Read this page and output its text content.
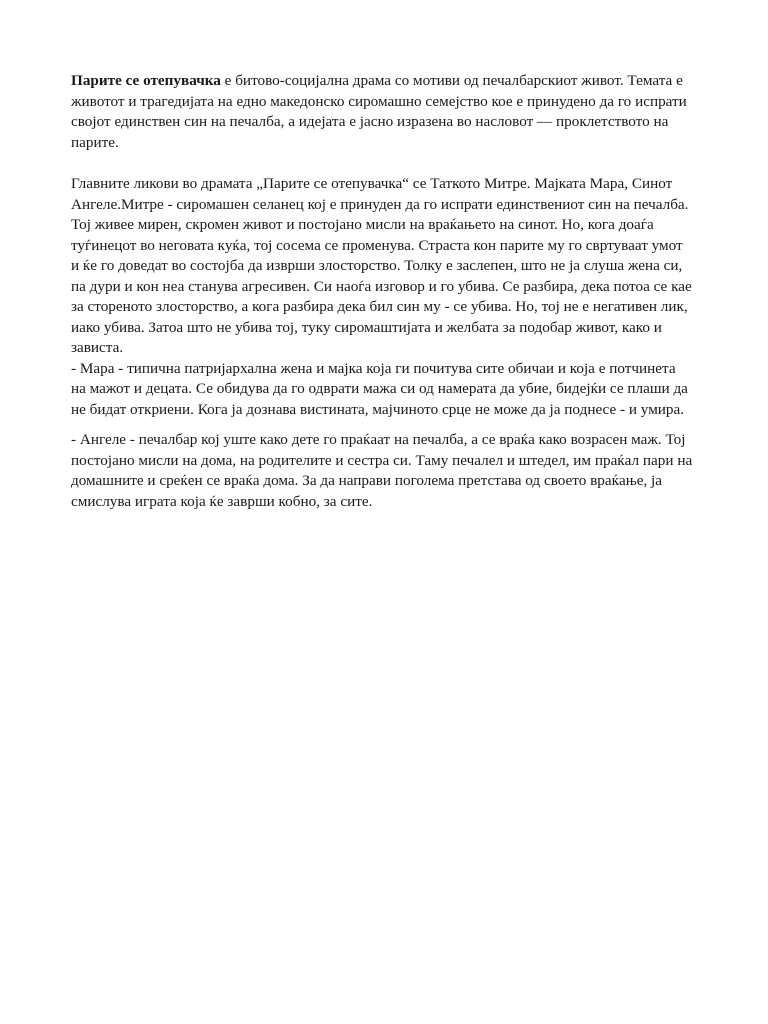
Парите се отепувачка е битово-социјална драма со мотиви од печалбарскиот живот. Темата е животот и трагедијата на едно македонско сиромашно семејство кое е принудено да го испрати својот единствен син на печалба, а идејата е јасно изразена во насловот — проклетството на парите.

Главните ликови во драмата „Парите се отепувачка“ се Таткото Митре. Мајката Мара, Синот Ангеле.Митре - сиромашен селанец кој е принуден да го испрати единствениот син на печалба. Тој живее мирен, скромен живот и постојано мисли на враќањето на синот. Но, кога доаѓа туѓинецот во неговата куќа, тој сосема се променува. Страста кон парите му го свртуваат умот и ќе го доведат во состојба да изврши злосторство. Толку е заслепен, што не ја слуша жена си, па дури и кон неа станува агресивен. Си наоѓа изговор и го убива. Се разбира, дека потоа се кае за стореното злосторство, а кога разбира дека бил син му - се убива. Но, тој не е негативен лик, иако убива. Затоа што не убива тој, туку сиромаштијата и желбата за подобар живот, како и зависта.

- Мара - типична патријархална жена и мајка која ги почитува сите обичаи и која е потчинета на мажот и децата. Се обидува да го одврати мажа си од намерата да убие, бидејќи се плаши да не бидат откриени. Кога ја дознава вистината, мајчиното срце не може да ја поднесе - и умира.

- Ангеле - печалбар кој уште како дете го праќаат на печалба, а се враќа како возрасен маж. Тој постојано мисли на дома, на родителите и сестра си. Таму печалел и штедел, им праќал пари на домашните и среќен се враќа дома. За да направи поголема претстава од своето враќање, ја смислува играта која ќе заврши кобно, за сите.
